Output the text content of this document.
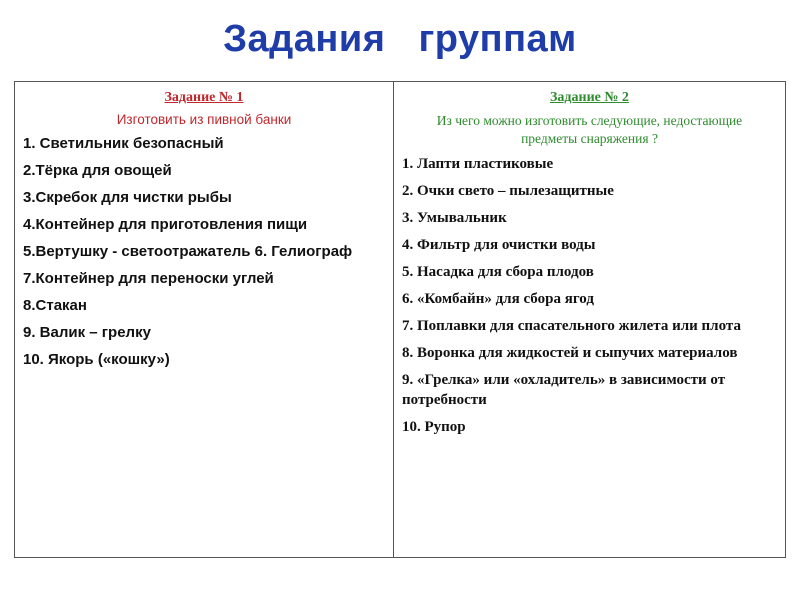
Задания группам

Задание № 1

Изготовить из пивной банки

1. Светильник безопасный
2.Тёрка для овощей
3.Скребок для чистки рыбы
4.Контейнер для приготовления пищи
5.Вертушку - светоотражатель 6. Гелиограф
7.Контейнер для переноски углей
8.Стакан
9. Валик – грелку
10. Якорь («кошку»)

Задание № 2

Из чего можно изготовить следующие, недостающие предметы снаряжения ?

1. Лапти пластиковые
2. Очки свето – пылезащитные
3. Умывальник
4. Фильтр для очистки воды
5. Насадка для сбора плодов
6. «Комбайн» для сбора ягод
7. Поплавки для спасательного жилета или плота
8. Воронка для жидкостей и сыпучих материалов
9. «Грелка» или «охладитель» в зависимости от потребности
10. Рупор
